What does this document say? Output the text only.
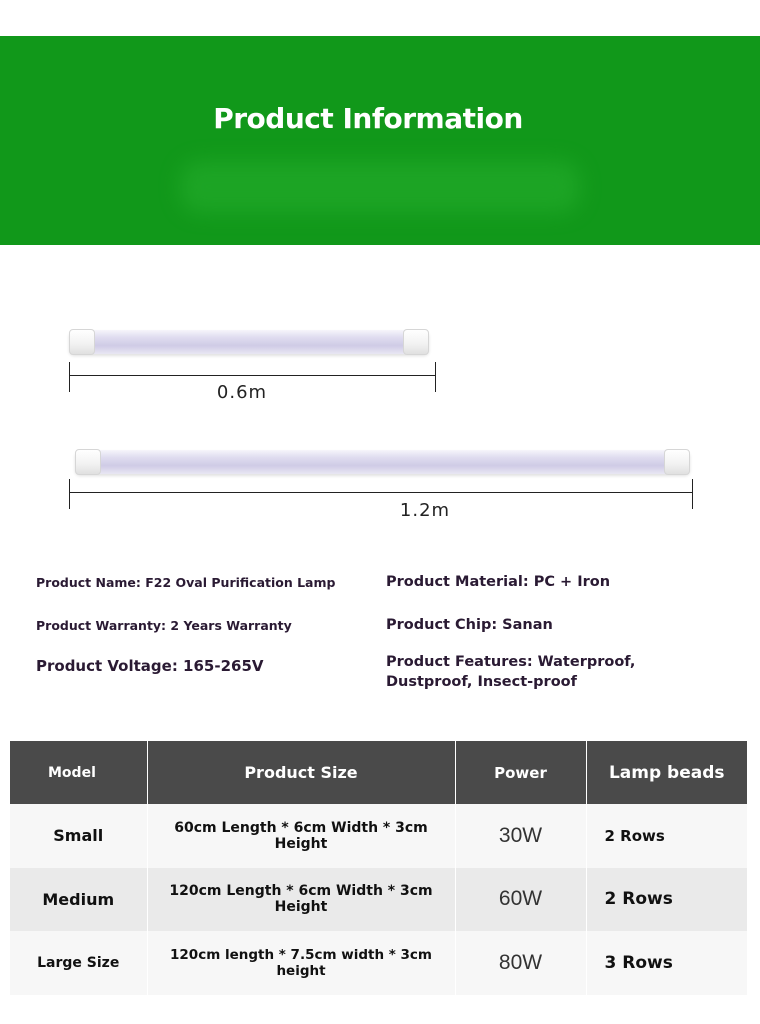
Product Information
0.6m
1.2m
Product Name: F22 Oval Purification Lamp
Product Warranty: 2 Years Warranty
Product Voltage: 165-265V
Product Material: PC + Iron
Product Chip: Sanan
Product Features: Waterproof,
Dustproof, Insect-proof
Model	Product Size	Power	Lamp beads
Small	60cm Length * 6cm Width * 3cm Height	30W	2 Rows
Medium	120cm Length * 6cm Width * 3cm Height	60W	2 Rows
Large Size	120cm length * 7.5cm width * 3cm height	80W	3 Rows
